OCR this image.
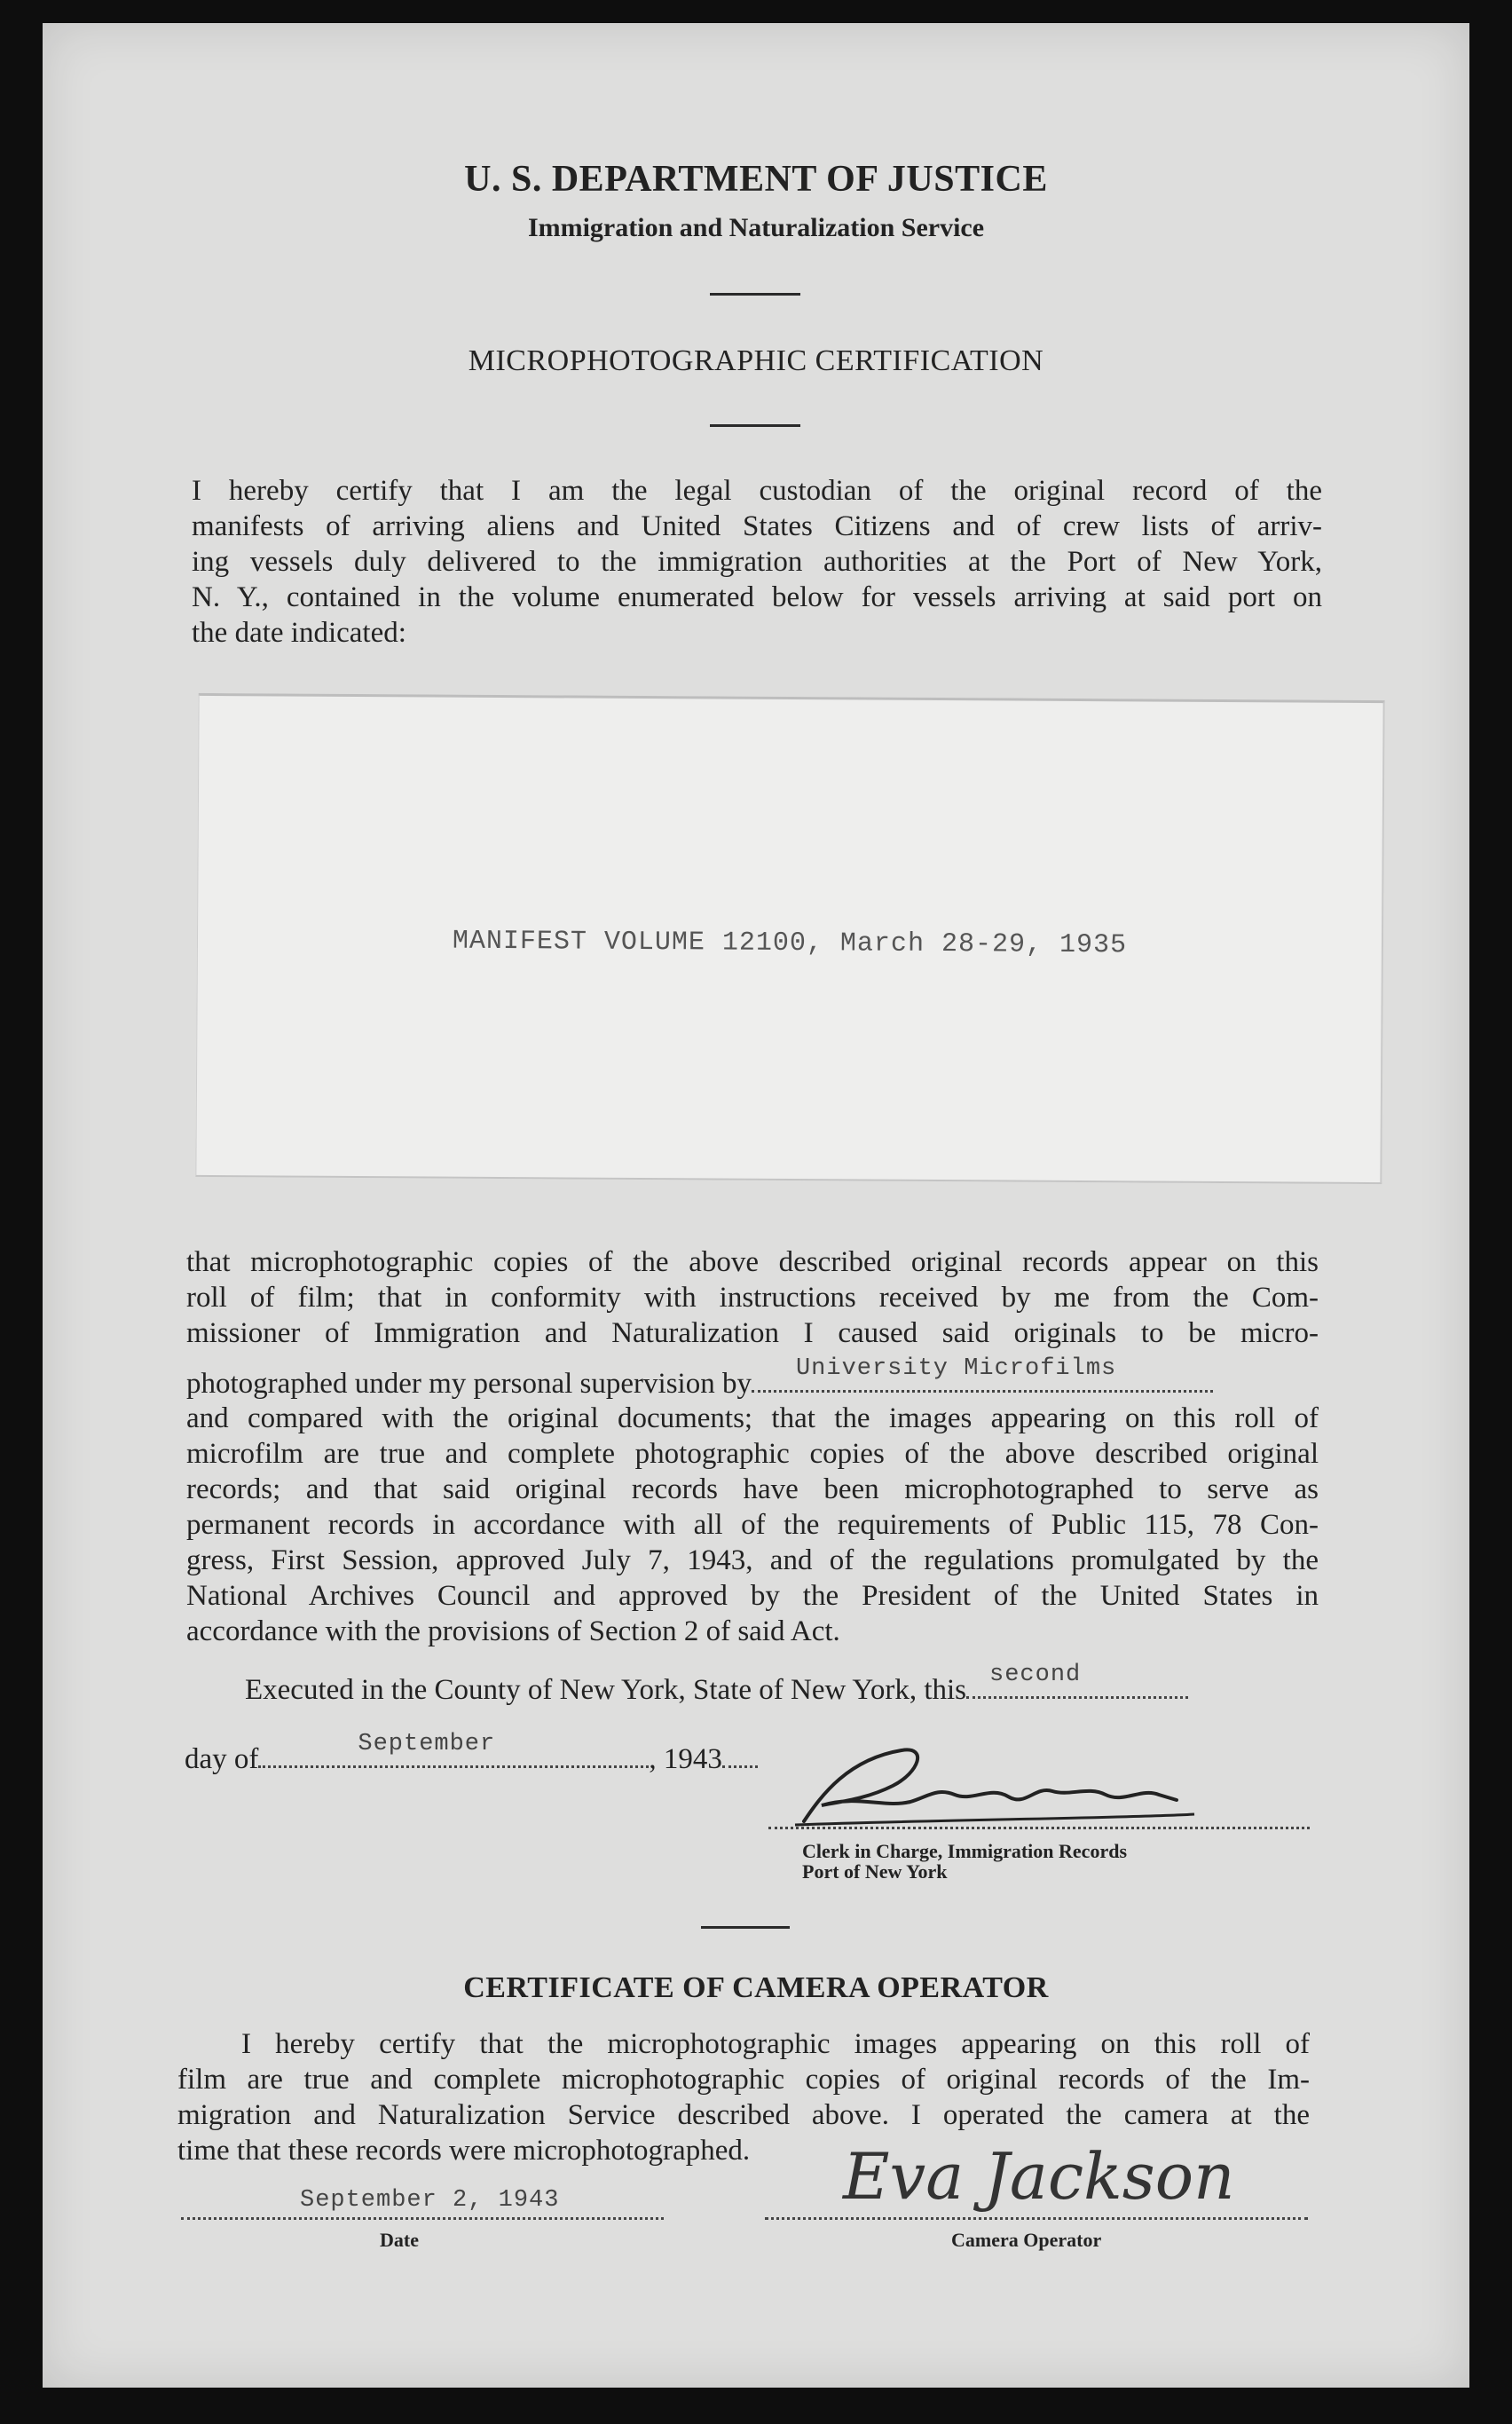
U. S. DEPARTMENT OF JUSTICE
Immigration and Naturalization Service
MICROPHOTOGRAPHIC CERTIFICATION
I hereby certify that I am the legal custodian of the original record of the
manifests of arriving aliens and United States Citizens and of crew lists of arriv-
ing vessels duly delivered to the immigration authorities at the Port of New York,
N. Y., contained in the volume enumerated below for vessels arriving at said port on
the date indicated:
MANIFEST VOLUME 12100, March 28-29, 1935
that microphotographic copies of the above described original records appear on this
roll of film; that in conformity with instructions received by me from the Com-
missioner of Immigration and Naturalization I caused said originals to be micro-
photographed under my personal supervision by University Microfilms
and compared with the original documents; that the images appearing on this roll of
microfilm are true and complete photographic copies of the above described original
records; and that said original records have been microphotographed to serve as
permanent records in accordance with all of the requirements of Public 115, 78 Con-
gress, First Session, approved July 7, 1943, and of the regulations promulgated by the
National Archives Council and approved by the President of the United States in
accordance with the provisions of Section 2 of said Act.
Executed in the County of New York, State of New York, this second
day of	September	, 1943
Clerk in Charge, Immigration Records
Port of New York
CERTIFICATE OF CAMERA OPERATOR
I hereby certify that the microphotographic images appearing on this roll of
film are true and complete microphotographic copies of original records of the Im-
migration and Naturalization Service described above. I operated the camera at the
time that these records were microphotographed.
September 2, 1943
Date
Eva Jackson
Camera Operator
